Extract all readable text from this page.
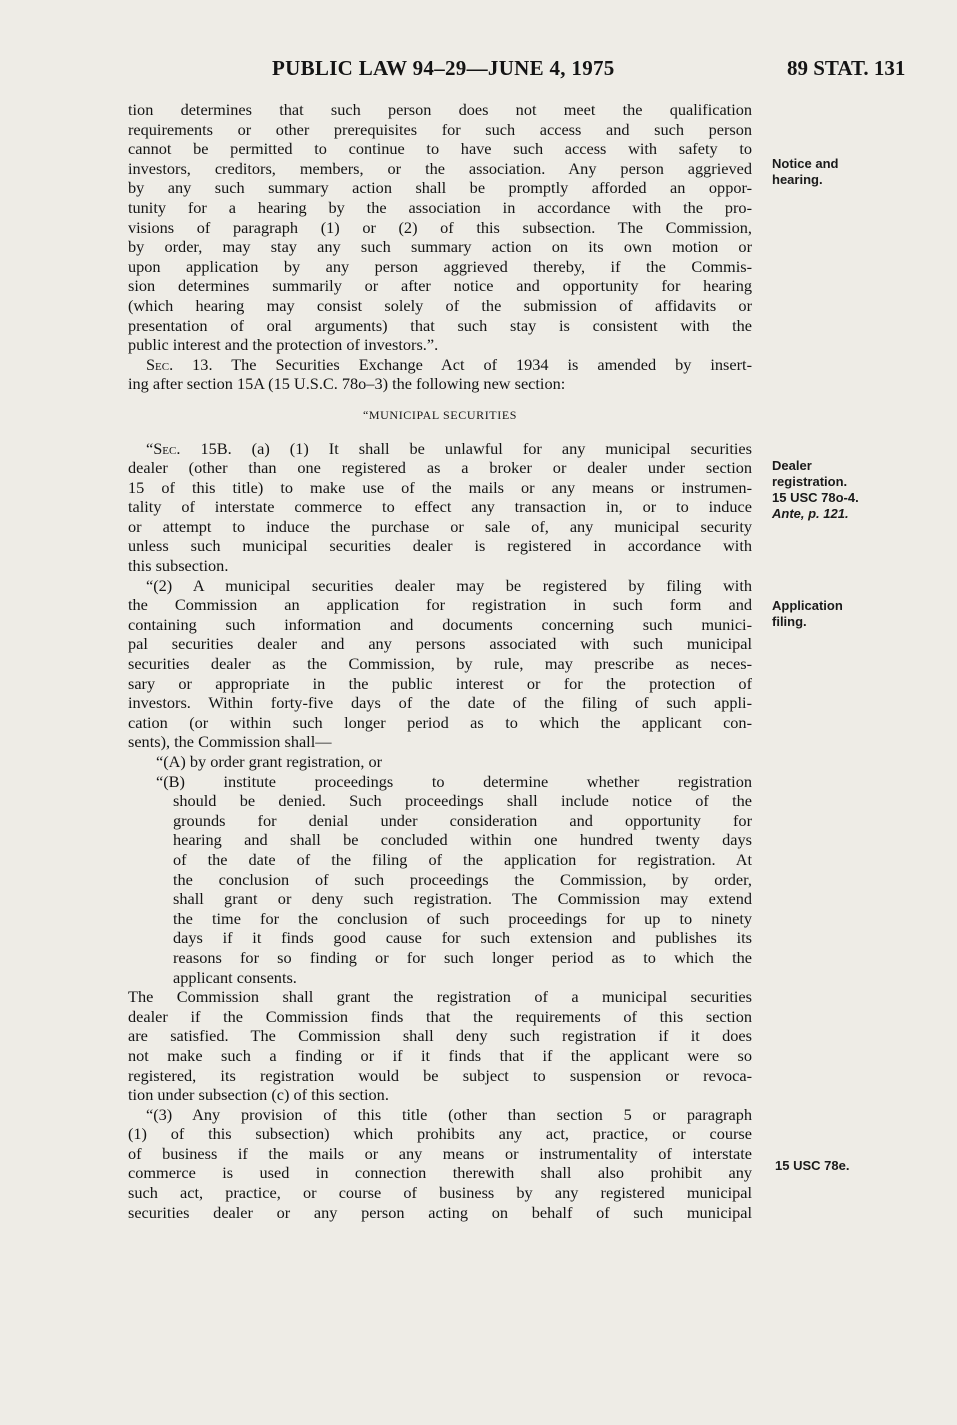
PUBLIC LAW 94–29—JUNE 4, 1975	89 STAT. 131
Notice and
hearing.
Dealer
registration.
15 USC 78o-4.
Ante, p. 121.
Application
filing.
15 USC 78e.
tion determines that such person does not meet the qualification
requirements or other prerequisites for such access and such person
cannot be permitted to continue to have such access with safety to
investors, creditors, members, or the association. Any person aggrieved
by any such summary action shall be promptly afforded an oppor-
tunity for a hearing by the association in accordance with the pro-
visions of paragraph (1) or (2) of this subsection. The Commission,
by order, may stay any such summary action on its own motion or
upon application by any person aggrieved thereby, if the Commis-
sion determines summarily or after notice and opportunity for hearing
(which hearing may consist solely of the submission of affidavits or
presentation of oral arguments) that such stay is consistent with the
public interest and the protection of investors.”.
Sec. 13. The Securities Exchange Act of 1934 is amended by insert-
ing after section 15A (15 U.S.C. 78o–3) the following new section:
“MUNICIPAL SECURITIES
“Sec. 15B. (a) (1) It shall be unlawful for any municipal securities
dealer (other than one registered as a broker or dealer under section
15 of this title) to make use of the mails or any means or instrumen-
tality of interstate commerce to effect any transaction in, or to induce
or attempt to induce the purchase or sale of, any municipal security
unless such municipal securities dealer is registered in accordance with
this subsection.
“(2) A municipal securities dealer may be registered by filing with
the Commission an application for registration in such form and
containing such information and documents concerning such munici-
pal securities dealer and any persons associated with such municipal
securities dealer as the Commission, by rule, may prescribe as neces-
sary or appropriate in the public interest or for the protection of
investors. Within forty-five days of the date of the filing of such appli-
cation (or within such longer period as to which the applicant con-
sents), the Commission shall—
“(A) by order grant registration, or
“(B) institute proceedings to determine whether registration
should be denied. Such proceedings shall include notice of the
grounds for denial under consideration and opportunity for
hearing and shall be concluded within one hundred twenty days
of the date of the filing of the application for registration. At
the conclusion of such proceedings the Commission, by order,
shall grant or deny such registration. The Commission may extend
the time for the conclusion of such proceedings for up to ninety
days if it finds good cause for such extension and publishes its
reasons for so finding or for such longer period as to which the
applicant consents.
The Commission shall grant the registration of a municipal securities
dealer if the Commission finds that the requirements of this section
are satisfied. The Commission shall deny such registration if it does
not make such a finding or if it finds that if the applicant were so
registered, its registration would be subject to suspension or revoca-
tion under subsection (c) of this section.
“(3) Any provision of this title (other than section 5 or paragraph
(1) of this subsection) which prohibits any act, practice, or course
of business if the mails or any means or instrumentality of interstate
commerce is used in connection therewith shall also prohibit any
such act, practice, or course of business by any registered municipal
securities dealer or any person acting on behalf of such municipal
